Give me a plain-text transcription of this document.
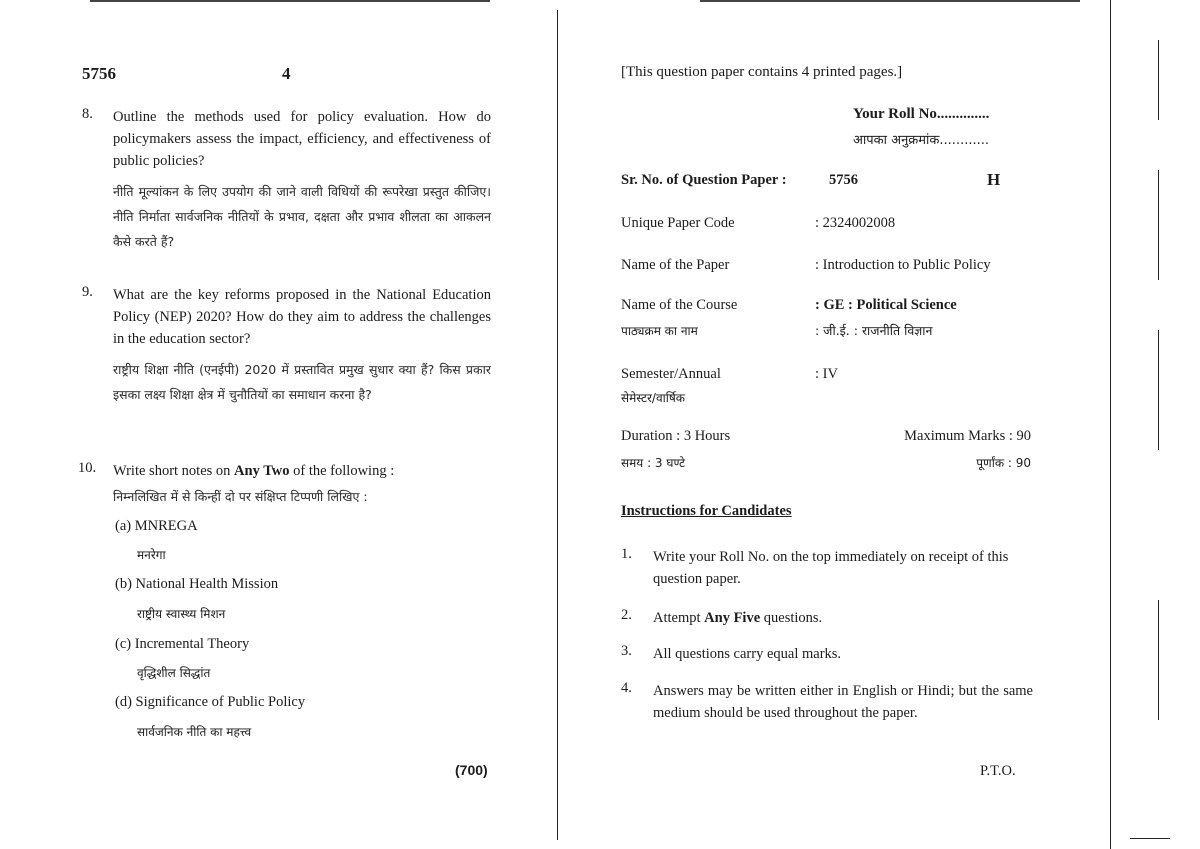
5756	4
8. Outline the methods used for policy evaluation. How do policymakers assess the impact, efficiency, and effectiveness of public policies?
नीति मूल्यांकन के लिए उपयोग की जाने वाली विधियों की रूपरेखा प्रस्तुत कीजिए। नीति निर्माता सार्वजनिक नीतियों के प्रभाव, दक्षता और प्रभाव शीलता का आकलन कैसे करते हैं?
9. What are the key reforms proposed in the National Education Policy (NEP) 2020? How do they aim to address the challenges in the education sector?
राष्ट्रीय शिक्षा नीति (एनईपी) 2020 में प्रस्तावित प्रमुख सुधार क्या हैं? किस प्रकार इसका लक्ष्य शिक्षा क्षेत्र में चुनौतियों का समाधान करना है?
10. Write short notes on Any Two of the following :
निम्नलिखित में से किन्हीं दो पर संक्षिप्त टिप्पणी लिखिए :
(a) MNREGA
मनरेगा
(b) National Health Mission
राष्ट्रीय स्वास्थ्य मिशन
(c) Incremental Theory
वृद्धिशील सिद्धांत
(d) Significance of Public Policy
सार्वजनिक नीति का महत्त्व
(700)
[This question paper contains 4 printed pages.]
Your Roll No..............
आपका अनुक्रमांक............
Sr. No. of Question Paper :	5756	H
Unique Paper Code	: 2324002008
Name of the Paper	: Introduction to Public Policy
Name of the Course	: GE : Political Science
पाठ्यक्रम का नाम	: जी.ई. : राजनीति विज्ञान
Semester/Annual	: IV
सेमेस्टर/वार्षिक
Duration : 3 Hours	Maximum Marks : 90
समय : 3 घण्टे	पूर्णांक : 90
Instructions for Candidates
1. Write your Roll No. on the top immediately on receipt of this question paper.
2. Attempt Any Five questions.
3. All questions carry equal marks.
4. Answers may be written either in English or Hindi; but the same medium should be used throughout the paper.
P.T.O.
